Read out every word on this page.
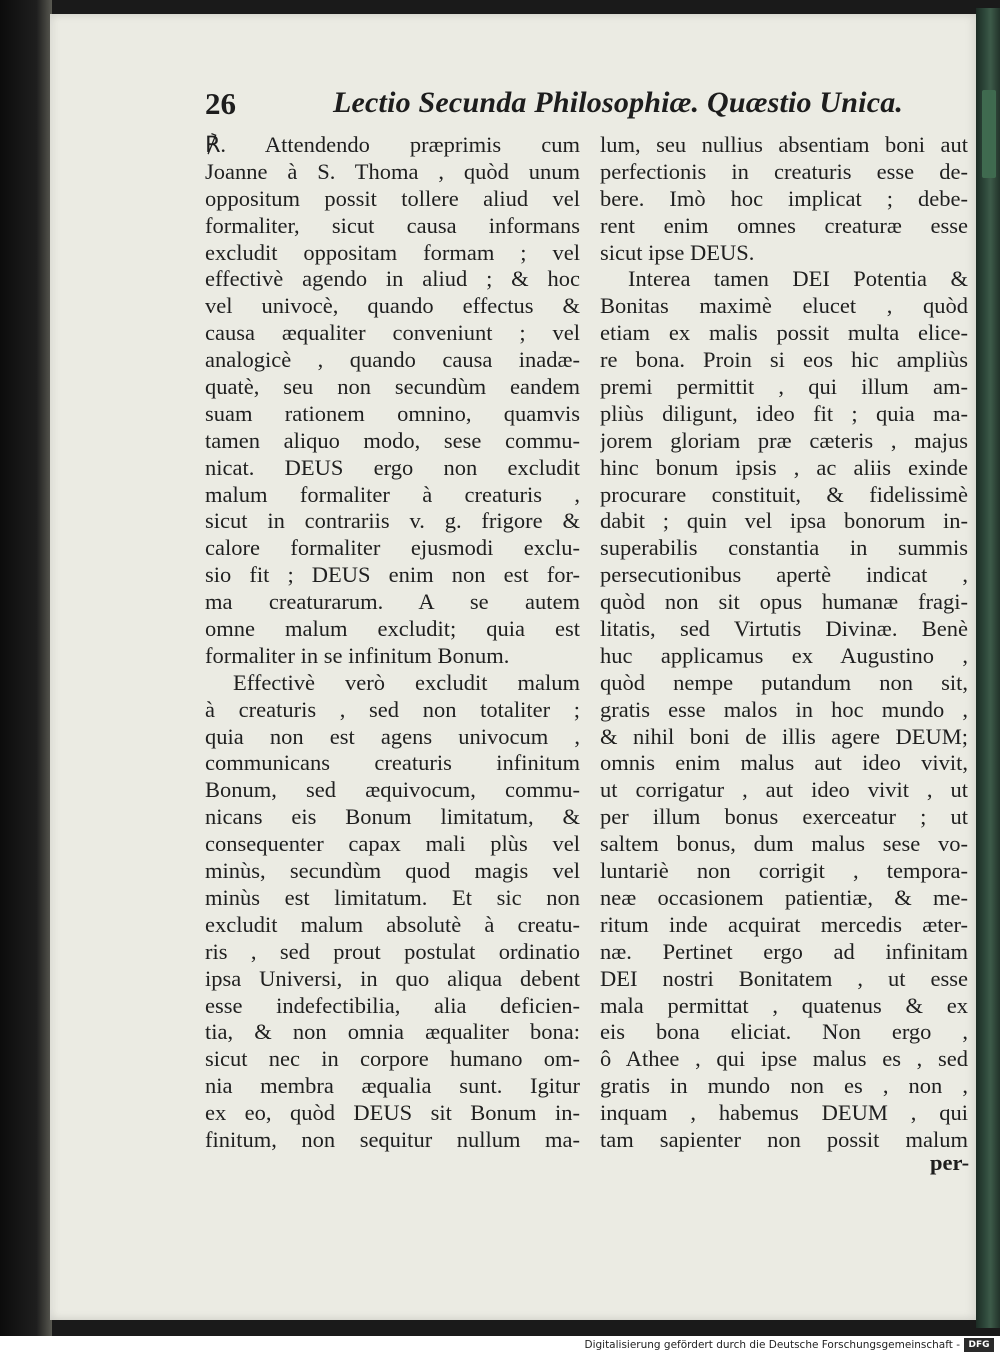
26	Lectio Secunda Philosophiæ. Quæstio Unica.
℟. Attendendo præprimis cum
Joanne à S. Thoma , quòd unum
oppositum possit tollere aliud vel
formaliter, sicut causa informans
excludit oppositam formam ; vel
effectivè agendo in aliud ; & hoc
vel univocè, quando effectus &
causa æqualiter conveniunt ; vel
analogicè , quando causa inadæ-
quatè, seu non secundùm eandem
suam rationem omnino, quamvis
tamen aliquo modo, sese commu-
nicat. DEUS ergo non excludit
malum formaliter à creaturis ,
sicut in contrariis v. g. frigore &
calore formaliter ejusmodi exclu-
sio fit ; DEUS enim non est for-
ma creaturarum. A se autem
omne malum excludit; quia est
formaliter in se infinitum Bonum.
Effectivè verò excludit malum
à creaturis , sed non totaliter ;
quia non est agens univocum ,
communicans creaturis infinitum
Bonum, sed æquivocum, commu-
nicans eis Bonum limitatum, &
consequenter capax mali plùs vel
minùs, secundùm quod magis vel
minùs est limitatum. Et sic non
excludit malum absolutè à creatu-
ris , sed prout postulat ordinatio
ipsa Universi, in quo aliqua debent
esse indefectibilia, alia deficien-
tia, & non omnia æqualiter bona:
sicut nec in corpore humano om-
nia membra æqualia sunt. Igitur
ex eo, quòd DEUS sit Bonum in-
finitum, non sequitur nullum ma-
lum, seu nullius absentiam boni aut
perfectionis in creaturis esse de-
bere. Imò hoc implicat ; debe-
rent enim omnes creaturæ esse
sicut ipse DEUS.
Interea tamen DEI Potentia &
Bonitas maximè elucet , quòd
etiam ex malis possit multa elice-
re bona. Proin si eos hic ampliùs
premi permittit , qui illum am-
pliùs diligunt, ideo fit ; quia ma-
jorem gloriam præ cæteris , majus
hinc bonum ipsis , ac aliis exinde
procurare constituit, & fidelissimè
dabit ; quin vel ipsa bonorum in-
superabilis constantia in summis
persecutionibus apertè indicat ,
quòd non sit opus humanæ fragi-
litatis, sed Virtutis Divinæ. Benè
huc applicamus ex Augustino ,
quòd nempe putandum non sit,
gratis esse malos in hoc mundo ,
& nihil boni de illis agere DEUM;
omnis enim malus aut ideo vivit,
ut corrigatur , aut ideo vivit , ut
per illum bonus exerceatur ; ut
saltem bonus, dum malus sese vo-
luntariè non corrigit , tempora-
neæ occasionem patientiæ, & me-
ritum inde acquirat mercedis æter-
næ. Pertinet ergo ad infinitam
DEI nostri Bonitatem , ut esse
mala permittat , quatenus & ex
eis bona eliciat. Non ergo ,
ô Athee , qui ipse malus es , sed
gratis in mundo non es , non ,
inquam , habemus DEUM , qui
tam sapienter non possit malum
per-
Digitalisierung gefördert durch die Deutsche Forschungsgemeinschaft - DFG
